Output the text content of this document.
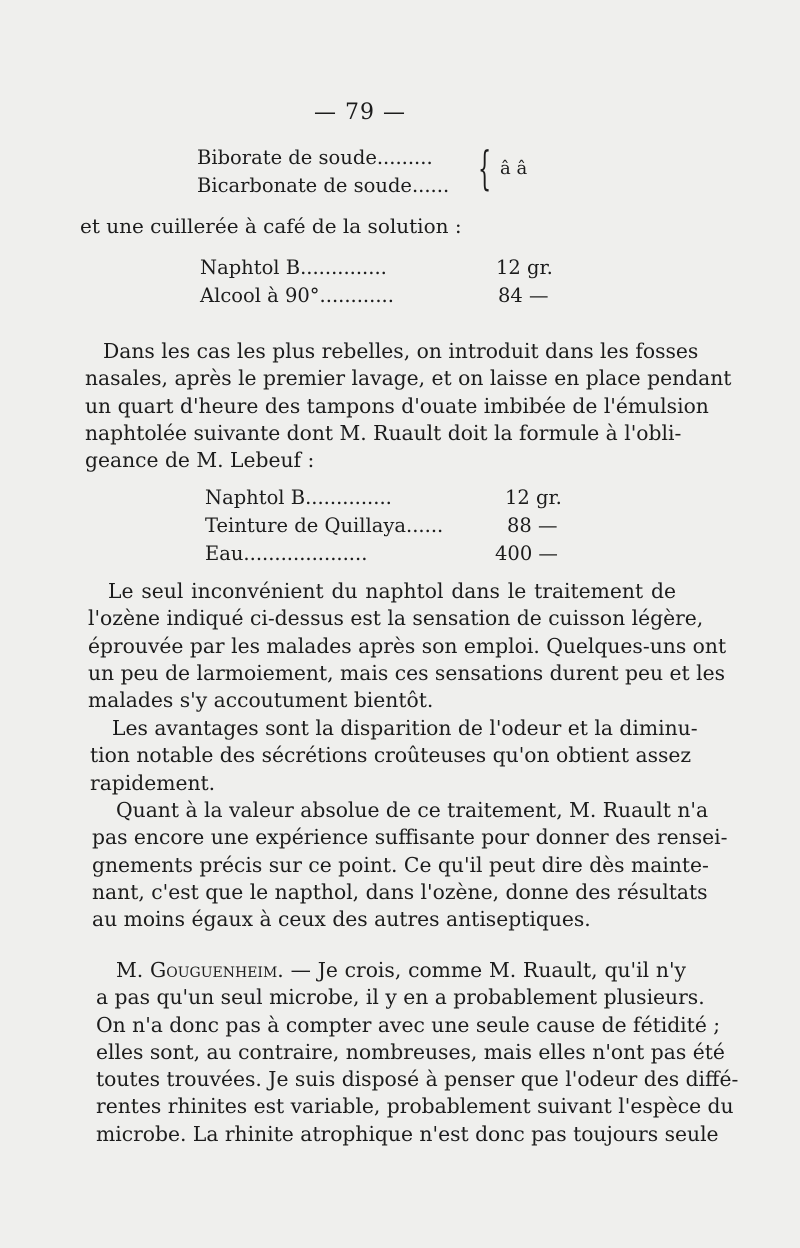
— 79 —
Biborate de soude.........
Bicarbonate de soude...... { â â
et une cuillerée à café de la solution :
Naphtol B..............	12 gr.
Alcool à 90°............	84 —
Dans les cas les plus rebelles, on introduit dans les fosses
nasales, après le premier lavage, et on laisse en place pendant
un quart d'heure des tampons d'ouate imbibée de l'émulsion
naphtolée suivante dont M. Ruault doit la formule à l'obli-
geance de M. Lebeuf :
Naphtol B..............	12 gr.
Teinture de Quillaya......	88 —
Eau....................	400 —
Le seul inconvénient du naphtol dans le traitement de
l'ozène indiqué ci-dessus est la sensation de cuisson légère,
éprouvée par les malades après son emploi. Quelques-uns ont
un peu de larmoiement, mais ces sensations durent peu et les
malades s'y accoutument bientôt.
Les avantages sont la disparition de l'odeur et la diminu-
tion notable des sécrétions croûteuses qu'on obtient assez
rapidement.
Quant à la valeur absolue de ce traitement, M. Ruault n'a
pas encore une expérience suffisante pour donner des rensei-
gnements précis sur ce point. Ce qu'il peut dire dès mainte-
nant, c'est que le napthol, dans l'ozène, donne des résultats
au moins égaux à ceux des autres antiseptiques.
M. Gouguenheim. — Je crois, comme M. Ruault, qu'il n'y
a pas qu'un seul microbe, il y en a probablement plusieurs.
On n'a donc pas à compter avec une seule cause de fétidité ;
elles sont, au contraire, nombreuses, mais elles n'ont pas été
toutes trouvées. Je suis disposé à penser que l'odeur des diffé-
rentes rhinites est variable, probablement suivant l'espèce du
microbe. La rhinite atrophique n'est donc pas toujours seule
